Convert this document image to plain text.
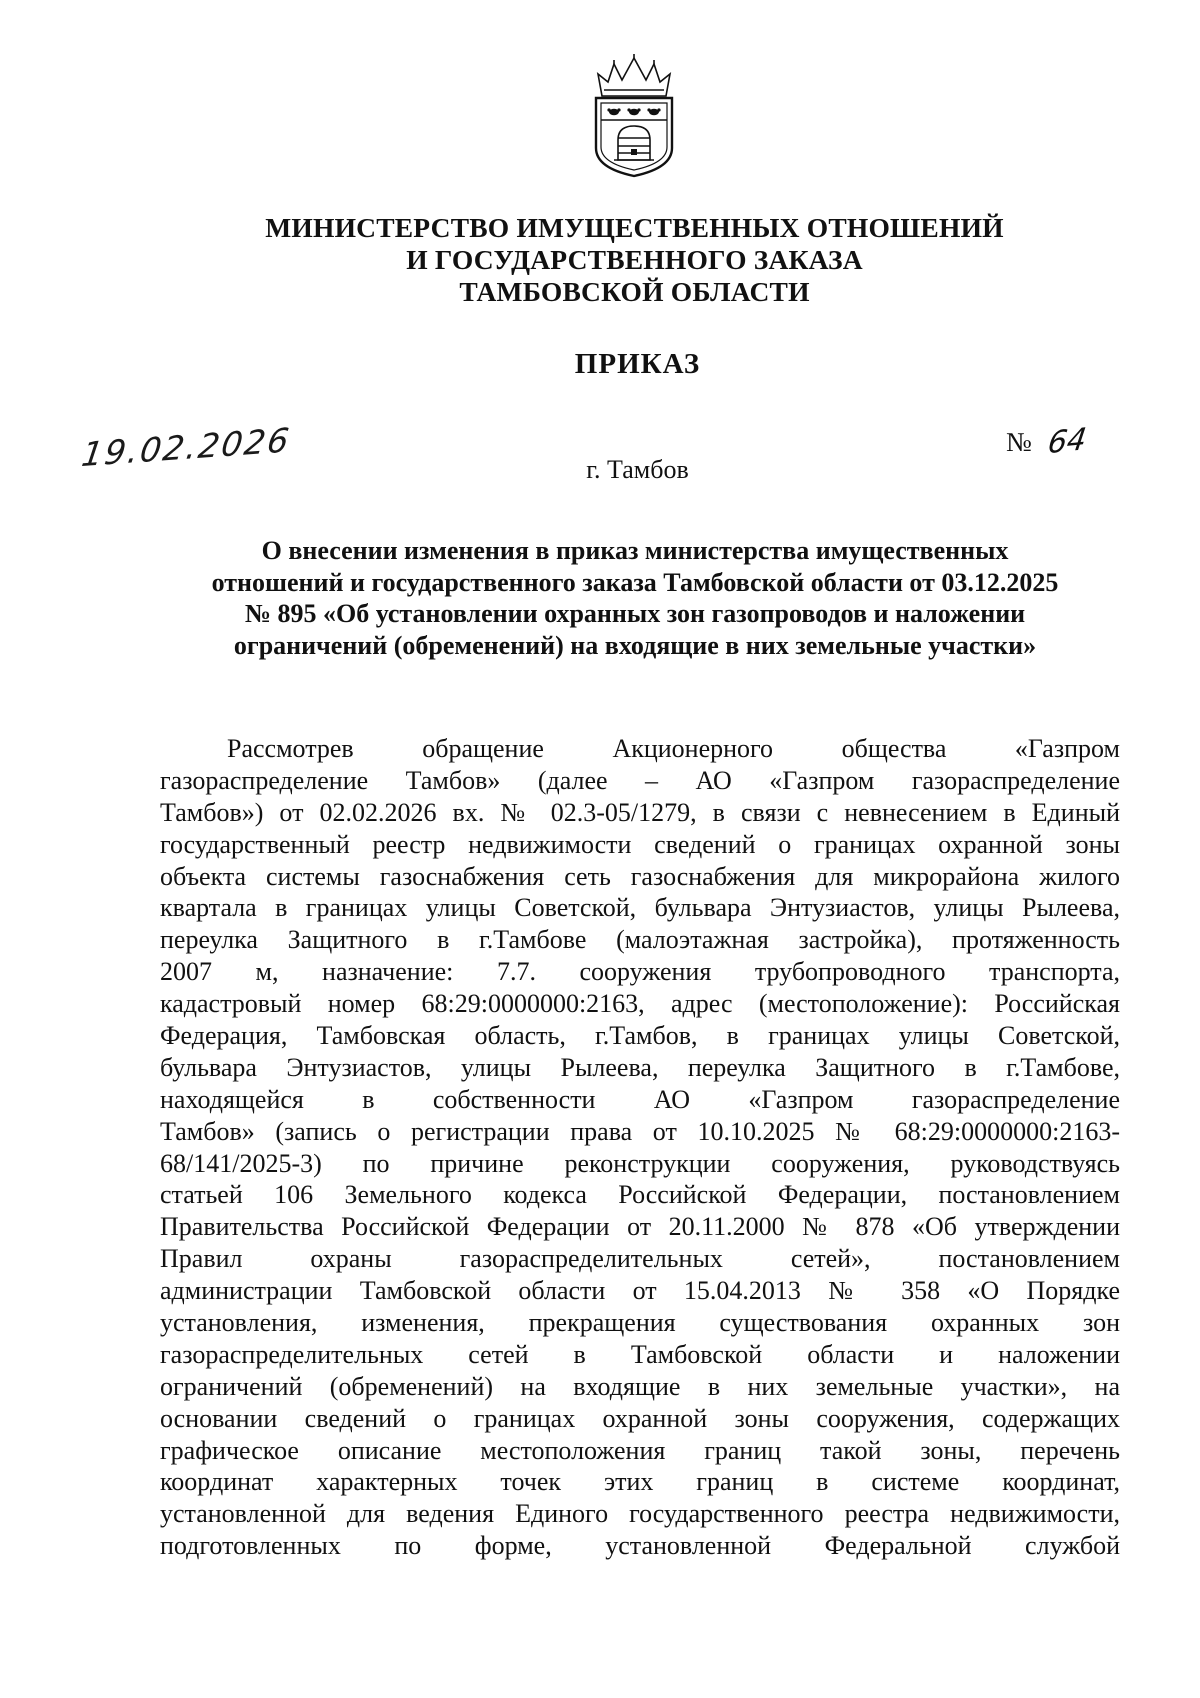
МИНИСТЕРСТВО ИМУЩЕСТВЕННЫХ ОТНОШЕНИЙ
И ГОСУДАРСТВЕННОГО ЗАКАЗА
ТАМБОВСКОЙ ОБЛАСТИ
ПРИКАЗ
19.02.2026	№ 64
г. Тамбов
О внесении изменения в приказ министерства имущественных
отношений и государственного заказа Тамбовской области от 03.12.2025
№ 895 «Об установлении охранных зон газопроводов и наложении
ограничений (обременений) на входящие в них земельные участки»
Рассмотрев обращение Акционерного общества «Газпром
газораспределение Тамбов» (далее – АО «Газпром газораспределение
Тамбов») от 02.02.2026 вх. № 02.3-05/1279, в связи с невнесением в Единый
государственный реестр недвижимости сведений о границах охранной зоны
объекта системы газоснабжения сеть газоснабжения для микрорайона жилого
квартала в границах улицы Советской, бульвара Энтузиастов, улицы Рылеева,
переулка Защитного в г.Тамбове (малоэтажная застройка), протяженность
2007 м, назначение: 7.7. сооружения трубопроводного транспорта,
кадастровый номер 68:29:0000000:2163, адрес (местоположение): Российская
Федерация, Тамбовская область, г.Тамбов, в границах улицы Советской,
бульвара Энтузиастов, улицы Рылеева, переулка Защитного в г.Тамбове,
находящейся в собственности АО «Газпром газораспределение
Тамбов» (запись о регистрации права от 10.10.2025 № 68:29:0000000:2163-
68/141/2025-3) по причине реконструкции сооружения, руководствуясь
статьей 106 Земельного кодекса Российской Федерации, постановлением
Правительства Российской Федерации от 20.11.2000 № 878 «Об утверждении
Правил охраны газораспределительных сетей», постановлением
администрации Тамбовской области от 15.04.2013 № 358 «О Порядке
установления, изменения, прекращения существования охранных зон
газораспределительных сетей в Тамбовской области и наложении
ограничений (обременений) на входящие в них земельные участки», на
основании сведений о границах охранной зоны сооружения, содержащих
графическое описание местоположения границ такой зоны, перечень
координат характерных точек этих границ в системе координат,
установленной для ведения Единого государственного реестра недвижимости,
подготовленных по форме, установленной Федеральной службой
